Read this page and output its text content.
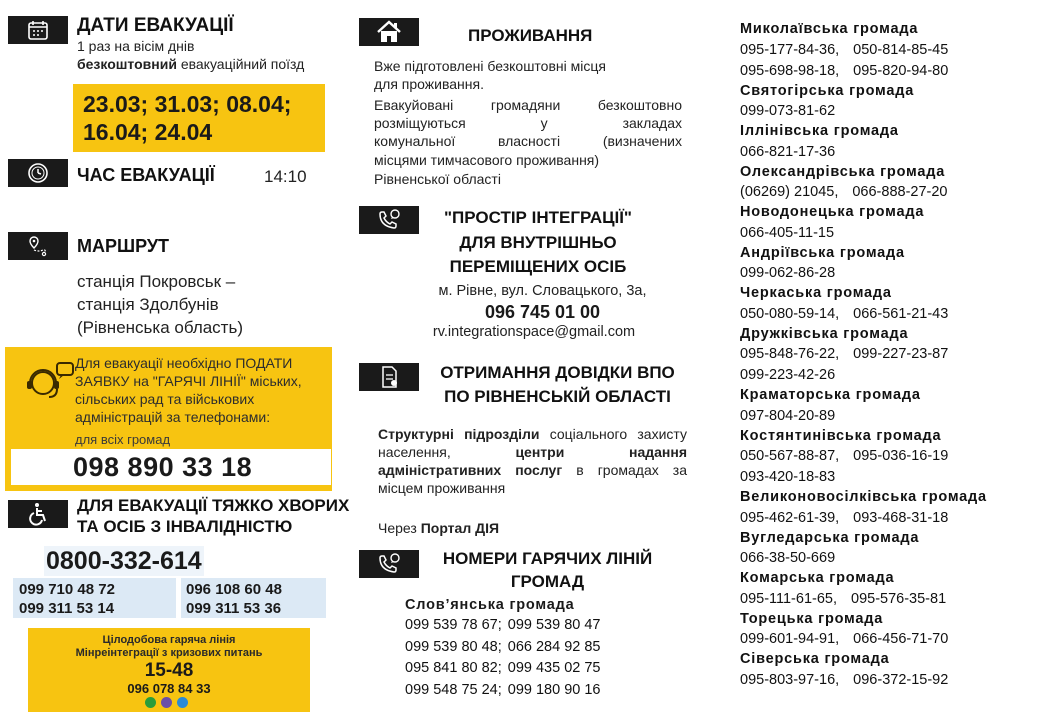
ДАТИ ЕВАКУАЦІЇ
1 раз на вісім днів
безкоштовний евакуаційний поїзд
23.03; 31.03; 08.04;
16.04; 24.04
ЧАС ЕВАКУАЦІЇ	14:10
МАРШРУТ
станція Покровськ –
станція Здолбунів
(Рівненська область)
Для евакуації необхідно ПОДАТИ
ЗАЯВКУ на "ГАРЯЧІ ЛІНІЇ" міських,
сільських рад та військових
адміністрацій за телефонами:
для всіх громад
098 890 33 18
ДЛЯ ЕВАКУАЦІЇ ТЯЖКО ХВОРИХ
ТА ОСІБ З ІНВАЛІДНІСТЮ
0800-332-614
099 710 48 72
099 311 53 14
096 108 60 48
099 311 53 36
Цілодобова гаряча лінія
Мінреінтеграції з кризових питань
15-48
096 078 84 33
ПРОЖИВАННЯ
Вже підготовлені безкоштовні місця
для проживання.
Евакуйовані громадяни безкоштовно
розміщуються у закладах
комунальної власності (визначених
місцями тимчасового проживання)
Рівненської області
"ПРОСТІР ІНТЕГРАЦІЇ"
ДЛЯ ВНУТРІШНЬО
ПЕРЕМІЩЕНИХ ОСІБ
м. Рівне, вул. Словацького, 3а,
096 745 01 00
rv.integrationspace@gmail.com
ОТРИМАННЯ ДОВІДКИ ВПО
ПО РІВНЕНСЬКІЙ ОБЛАСТІ
Структурні підрозділи соціального захисту населення, центри надання адміністративних послуг в громадах за місцем проживання
Через Портал ДІЯ
НОМЕРИ ГАРЯЧИХ ЛІНІЙ
ГРОМАД
Слов’янська громада
099 539 78 67; 099 539 80 47
099 539 80 48; 066 284 92 85
095 841 80 82; 099 435 02 75
099 548 75 24; 099 180 90 16
Миколаївська громада
095-177-84-36, 050-814-85-45
095-698-98-18, 095-820-94-80
Святогірська громада
099-073-81-62
Іллінівська громада
066-821-17-36
Олександрівська громада
(06269) 21045, 066-888-27-20
Новодонецька громада
066-405-11-15
Андріївська громада
099-062-86-28
Черкаська громада
050-080-59-14, 066-561-21-43
Дружківська громада
095-848-76-22, 099-227-23-87
099-223-42-26
Краматорська громада
097-804-20-89
Костянтинівська громада
050-567-88-87, 095-036-16-19
093-420-18-83
Великоновосілківська громада
095-462-61-39, 093-468-31-18
Вугледарська громада
066-38-50-669
Комарська громада
095-111-61-65, 095-576-35-81
Торецька громада
099-601-94-91, 066-456-71-70
Сіверська громада
095-803-97-16, 096-372-15-92
